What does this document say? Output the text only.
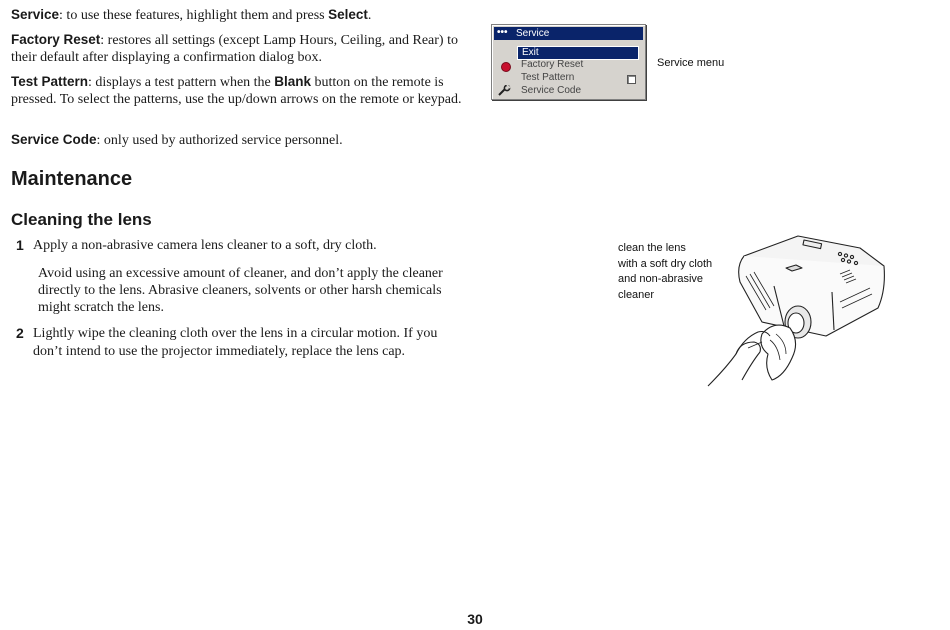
Service: to use these features, highlight them and press Select.

Factory Reset: restores all settings (except Lamp Hours, Ceiling, and Rear) to their default after displaying a confirmation dialog box.

Test Pattern: displays a test pattern when the Blank button on the remote is pressed. To select the patterns, use the up/down arrows on the remote or keypad.

Service Code: only used by authorized service personnel.

Maintenance
Cleaning the lens
1 Apply a non-abrasive camera lens cleaner to a soft, dry cloth.

Avoid using an excessive amount of cleaner, and don’t apply the cleaner directly to the lens. Abrasive cleaners, solvents or other harsh chemicals might scratch the lens.

2 Lightly wipe the cleaning cloth over the lens in a circular motion. If you don’t intend to use the projector immediately, replace the lens cap.

••• Service
Exit
Factory Reset
Test Pattern
Service Code

Service menu

clean the lens
with a soft dry cloth
and non-abrasive
cleaner

30
